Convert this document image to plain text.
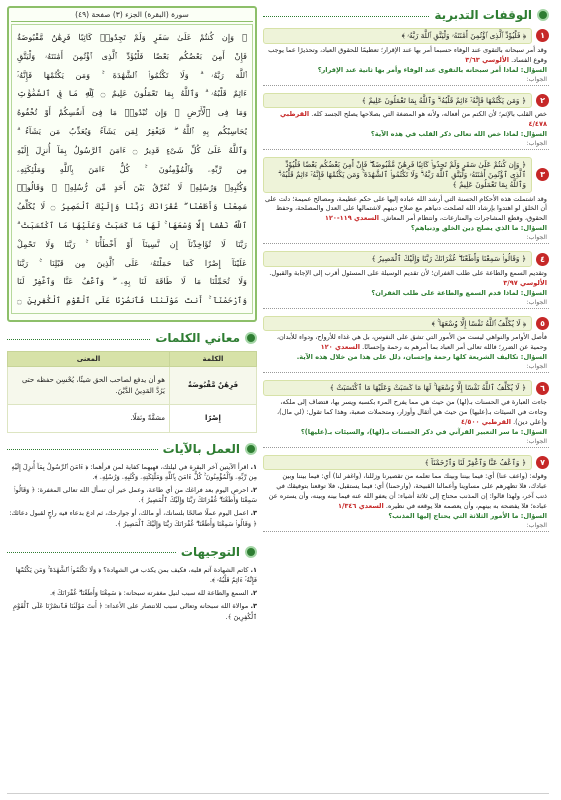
الوقفات التدبرية
١
﴿ فَلْيُؤَدِّ ٱلَّذِى ٱؤْتُمِنَ أَمَٰنَتَهُۥ وَلْيَتَّقِ ٱللَّهَ رَبَّهُۥ ﴾
وقد أمر سبحانه بالتقوى عند الوفاء حسبما أمر بها عند الإقرار؛ تعظيمًا للحقوق العباد، وتحذيرًا عما يوجب وقوع الفساد. الألوسي ٣/٦٣
السؤال: لماذا أمر سبحانه بالتقوى عند الوفاء وأمر بها ثانية عند الإقرار؟
الجواب:
٢
﴿ وَمَن يَكْتُمْهَا فَإِنَّهُۥٓ ءَاثِمٌ قَلْبُهُۥ ۗ وَٱللَّهُ بِمَا تَعْمَلُونَ عَلِيمٌ ﴾
خص القلب بالإثم؛ لأن الكتم من أفعاله، ولأنه هو المضغة التي بصلاحها يصلح الجسد كله. القرطبي ٤/٤٧٨
السؤال: لماذا خص الله تعالى ذكر القلب في هذه الآية؟
الجواب:
٣
﴿ وَإِن كُنتُمْ عَلَىٰ سَفَرٍ وَلَمْ تَجِدُوا۟ كَاتِبًا فَرِهَٰنٌ مَّقْبُوضَةٌ ۖ فَإِنْ أَمِنَ بَعْضُكُم بَعْضًا فَلْيُؤَدِّ ٱلَّذِى ٱؤْتُمِنَ أَمَٰنَتَهُۥ وَلْيَتَّقِ ٱللَّهَ رَبَّهُۥ ۗ وَلَا تَكْتُمُوا۟ ٱلشَّهَٰدَةَ ۚ وَمَن يَكْتُمْهَا فَإِنَّهُۥٓ ءَاثِمٌ قَلْبُهُۥ ۗ وَٱللَّهُ بِمَا تَعْمَلُونَ عَلِيمٌ ﴾
وقد اشتملت هذه الأحكام الحسنة التي أرشد الله عباده إليها على حكم عظيمة، ومصالح عميمة؛ دلت على أن الخلق لو اهتدوا بإرشاد الله لصلحت دنياهم مع صلاح دينهم لاشتمالها على العدل والمصلحة، وحفظ الحقوق، وقطع المشاجرات والمنازعات، وانتظام أمر المعاش. السعدي ١١٩-١٢٠
السؤال: ما الذي يصلح دين الخلق ودنياهم؟
الجواب:
٤
﴿ وَقَالُوا۟ سَمِعْنَا وَأَطَعْنَا ۖ غُفْرَانَكَ رَبَّنَا وَإِلَيْكَ ٱلْمَصِيرُ ﴾
وتقديم السمع والطاعة على طلب الغفران؛ لأن تقديم الوسيلة على المسئول أقرب إلى الإجابة والقبول. الألوسي ٣/٩٧
السؤال: لماذا قدم السمع والطاعة على طلب الغفران؟
الجواب:
٥
﴿ لَا يُكَلِّفُ ٱللَّهُ نَفْسًا إِلَّا وُسْعَهَا ۚ ﴾
فأصل الأوامر والنواهي ليست من الأمور التي تشق على النفوس، بل هي غذاء للأرواح، ودواء للأبدان، وحمية عن الضرر؛ فالله تعالى أمر العباد بما أمرهم به رحمة وإحسانًا. السعدي ١٢٠
السؤال: تكاليف الشريعة كلها رحمة وإحسان، دلل على هذا من خلال هذه الآية.
الجواب:
٦
﴿ لَا يُكَلِّفُ ٱللَّهُ نَفْسًا إِلَّا وُسْعَهَا ۚ لَهَا مَا كَسَبَتْ وَعَلَيْهَا مَا ٱكْتَسَبَتْ ﴾
جاءت العبارة في الحسنات بـ(لها) من حيث هي مما يفرح المرء بكسبه ويسر بها، فتضاف إلى ملكه، وجاءت في السيئات بـ(عليها) من حيث هي أثقال وأوزار، ومتحملات صعبة، وهذا كما تقول: (لي مال)، و(علي دين). القرطبي ٤/٥٠٠
السؤال: ما سر التعبير القرآني في ذكر الحسنات بـ(لها)، والسيئات بـ(عليها)؟
الجواب:
٧
﴿ وَٱعْفُ عَنَّا وَٱغْفِرْ لَنَا وَٱرْحَمْنَآ ﴾
وقوله: (واعف عنا) أي: فيما بيننا وبينك مما تعلمه من تقصيرنا وزللنا، (واغفر لنا) أي: فيما بيننا وبين عبادك، فلا تظهرهم على مساوينا وأعمالنا القبيحة، (وارحمنا) أي: فيما يستقبل، فلا توقعنا بتوفيقك في ذنب آخر، ولهذا قالوا: إن المذنب محتاج إلى ثلاثة أشياء: أن يعفو الله عنه فيما بينه وبينه، وأن يستره عن عباده؛ فلا يفضحه به بينهم، وأن يعصمه فلا يوقعه في نظيره. السعدي ١/٣٤٦
السؤال: ما الأمور الثلاثة التي يحتاج إليها المذنب؟
الجواب:
سورة (البقرة) الجزء (٣) صفحة (٤٩)
۞ وَإِن كُنتُمْ عَلَىٰ سَفَرٍ وَلَمْ تَجِدُوا۟ كَاتِبًا فَرِهَٰنٌ مَّقْبُوضَةٌ
فَإِنْ أَمِنَ بَعْضُكُم بَعْضًا فَلْيُؤَدِّ ٱلَّذِى ٱؤْتُمِنَ أَمَٰنَتَهُۥ وَلْيَتَّقِ
ٱللَّهَ رَبَّهُۥ ۗ وَلَا تَكْتُمُوا۟ ٱلشَّهَٰدَةَ ۚ وَمَن يَكْتُمْهَا فَإِنَّهُۥٓ
ءَاثِمٌ قَلْبُهُۥ ۗ وَٱللَّهُ بِمَا تَعْمَلُونَ عَلِيمٌ ۝ لِّلَّهِ مَا فِى ٱلسَّمَٰوَٰتِ
وَمَا فِى ٱلْأَرْضِ ۗ وَإِن تُبْدُوا۟ مَا فِىٓ أَنفُسِكُمْ أَوْ تُخْفُوهُ
يُحَاسِبْكُم بِهِ ٱللَّهُ ۖ فَيَغْفِرُ لِمَن يَشَآءُ وَيُعَذِّبُ مَن يَشَآءُ ۗ
وَٱللَّهُ عَلَىٰ كُلِّ شَىْءٍ قَدِيرٌ ۝ ءَامَنَ ٱلرَّسُولُ بِمَآ أُنزِلَ إِلَيْهِ
مِن رَّبِّهِۦ وَٱلْمُؤْمِنُونَ ۚ كُلٌّ ءَامَنَ بِٱللَّهِ وَمَلَٰٓئِكَتِهِۦ
وَكُتُبِهِۦ وَرُسُلِهِۦ لَا نُفَرِّقُ بَيْنَ أَحَدٍ مِّن رُّسُلِهِۦ ۚ وَقَالُوا۟
سَمِعْنَا وَأَطَعْنَا ۖ غُفْرَانَكَ رَبَّنَا وَإِلَيْكَ ٱلْمَصِيرُ ۝ لَا يُكَلِّفُ
ٱللَّهُ نَفْسًا إِلَّا وُسْعَهَا ۚ لَهَا مَا كَسَبَتْ وَعَلَيْهَا مَا ٱكْتَسَبَتْ ۗ
رَبَّنَا لَا تُؤَاخِذْنَآ إِن نَّسِينَآ أَوْ أَخْطَأْنَا ۚ رَبَّنَا وَلَا تَحْمِلْ
عَلَيْنَآ إِصْرًا كَمَا حَمَلْتَهُۥ عَلَى ٱلَّذِينَ مِن قَبْلِنَا ۚ رَبَّنَا
وَلَا تُحَمِّلْنَا مَا لَا طَاقَةَ لَنَا بِهِۦ ۖ وَٱعْفُ عَنَّا وَٱغْفِرْ لَنَا
وَٱرْحَمْنَآ ۚ أَنتَ مَوْلَىٰنَا فَٱنصُرْنَا عَلَى ٱلْقَوْمِ ٱلْكَٰفِرِينَ ۝
معاني الكلمات
الكلمة	المعنى
فَرِهَٰنٌ مَّقْبُوضَةٌ	هو أن يدفع لصاحب الحق شيئًا، يُحْسِن حفظه حتى يَرُدَّ المَدِينُ الدَّيْنَ.
إِصْرًا	مشقَّةً وثقلًا.
العمل بالآيات
١. اقرأ الآيتين آخر البقرة في ليلتك، فهيهما كفاية لمن قرأهما: ﴿ ءَامَنَ ٱلرَّسُولُ بِمَآ أُنزِلَ إِلَيْهِ مِن رَّبِّهِۦ وَٱلْمُؤْمِنُونَ ۚ كُلٌّ ءَامَنَ بِٱللَّهِ وَمَلَٰٓئِكَتِهِۦ وَكُتُبِهِۦ وَرُسُلِهِۦ ﴾.
٢. احرص اليوم بعد فراغك من أي طاعة، وعمل خير أن تسأل الله تعالى المغفرة: ﴿ وَقَالُوا۟ سَمِعْنَا وَأَطَعْنَا ۖ غُفْرَانَكَ رَبَّنَا وَإِلَيْكَ ٱلْمَصِيرُ ﴾.
٣. اعمل اليوم عملًا صالحًا بلسانك، أو مالك، أو جوارحك، ثم ادع بدعاء فيه راجٍ لقبول دعائك: ﴿ وَقَالُوا۟ سَمِعْنَا وَأَطَعْنَا ۖ غُفْرَانَكَ رَبَّنَا وَإِلَيْكَ ٱلْمَصِيرُ ﴾.
التوجيهات
١. كاتم الشهادة آثم قلبه، فكيف بمن يكذب في الشهادة؟ ﴿ وَلَا تَكْتُمُوا۟ ٱلشَّهَٰدَةَ ۚ وَمَن يَكْتُمْهَا فَإِنَّهُۥٓ ءَاثِمٌ قَلْبُهُۥ ﴾.
٢. السمع والطاعة لله سبب لنيل مغفرته سبحانه: ﴿ سَمِعْنَا وَأَطَعْنَا ۖ غُفْرَانَكَ ﴾.
٣. موالاة الله سبحانه وتعالى سبب للانتصار على الأعداء: ﴿ أَنتَ مَوْلَىٰنَا فَٱنصُرْنَا عَلَى ٱلْقَوْمِ ٱلْكَٰفِرِينَ ﴾.
